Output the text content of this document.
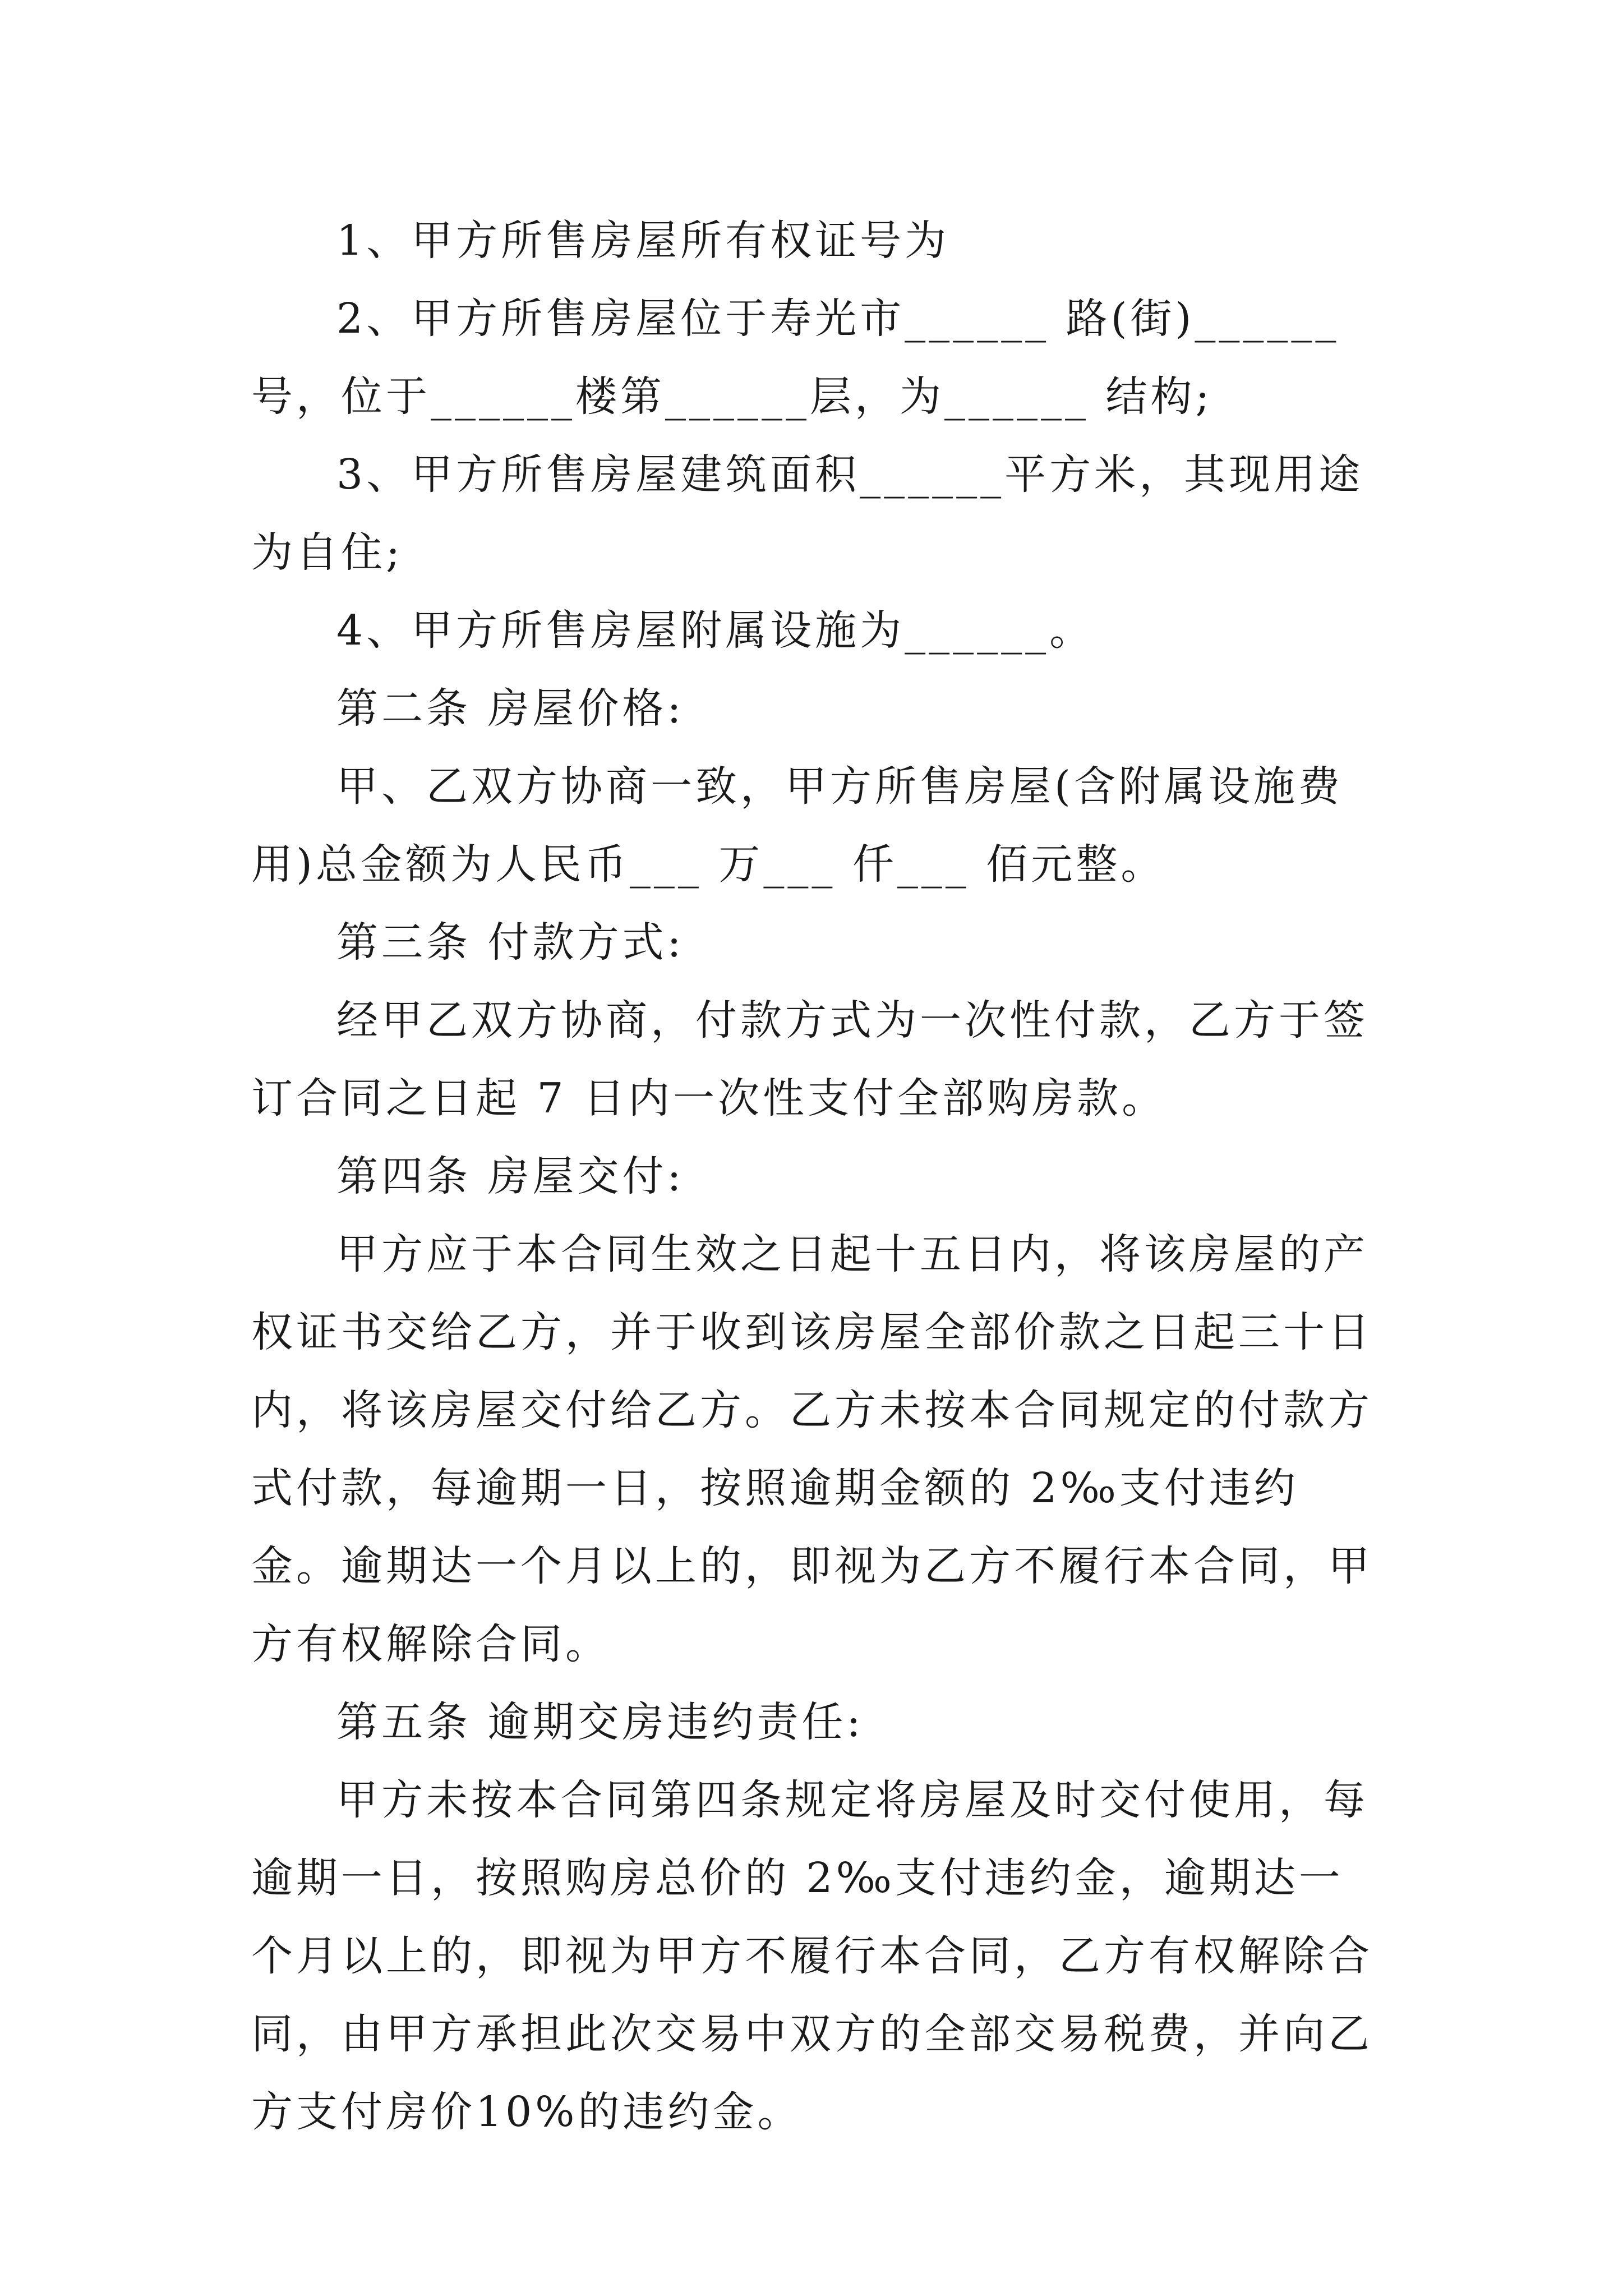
1、甲方所售房屋所有权证号为

2、甲方所售房屋位于寿光市______ 路(街)______ 号，位于______楼第______层，为______ 结构;

3、甲方所售房屋建筑面积______平方米，其现用途为自住;

4、甲方所售房屋附属设施为______。

第二条 房屋价格:

甲、乙双方协商一致，甲方所售房屋(含附属设施费用)总金额为人民币___ 万___ 仟___ 佰元整。

第三条 付款方式:

经甲乙双方协商，付款方式为一次性付款，乙方于签订合同之日起 7 日内一次性支付全部购房款。

第四条 房屋交付:

甲方应于本合同生效之日起十五日内，将该房屋的产权证书交给乙方，并于收到该房屋全部价款之日起三十日内，将该房屋交付给乙方。乙方未按本合同规定的付款方式付款，每逾期一日，按照逾期金额的 2‰支付违约金。逾期达一个月以上的，即视为乙方不履行本合同，甲方有权解除合同。

第五条 逾期交房违约责任:

甲方未按本合同第四条规定将房屋及时交付使用，每逾期一日，按照购房总价的 2‰支付违约金，逾期达一个月以上的，即视为甲方不履行本合同，乙方有权解除合同，由甲方承担此次交易中双方的全部交易税费，并向乙方支付房价10%的违约金。
